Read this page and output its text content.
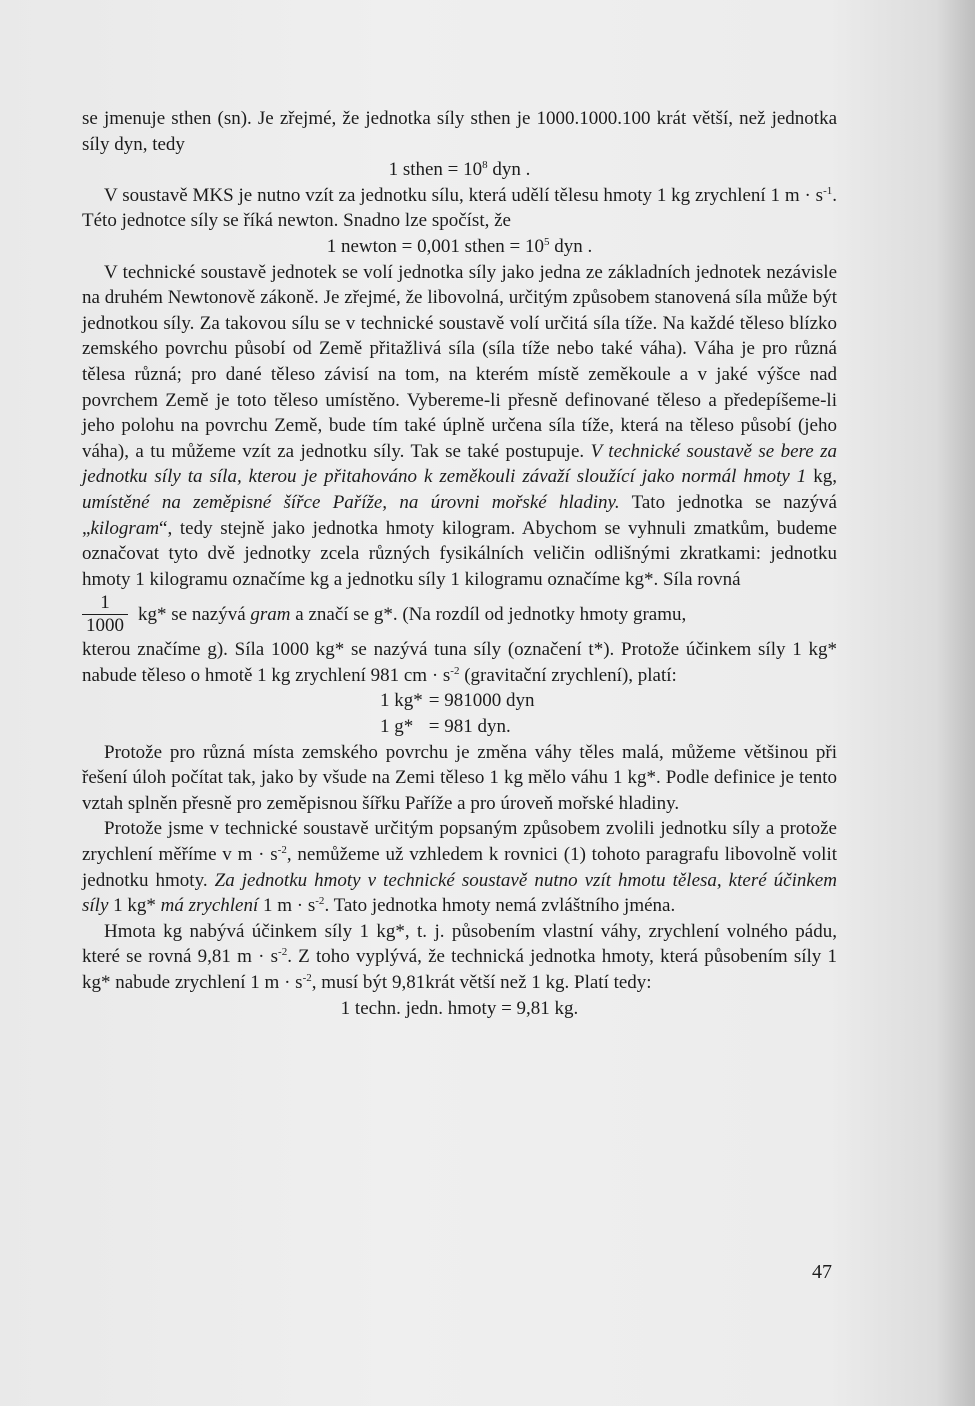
se jmenuje sthen (sn). Je zřejmé, že jednotka síly sthen je 1000.1000.100 krát větší, než jednotka síly dyn, tedy

1 sthen = $10^8$ dyn .

V soustavě MKS je nutno vzít za jednotku sílu, která udělí tělesu hmoty 1 kg zrychlení 1 $m \cdot s^{-1}$. Této jednotce síly se říká newton. Snadno lze spočíst, že

1 newton = 0,001 sthen = $10^5$ dyn .

V technické soustavě jednotek se volí jednotka síly jako jedna ze základních jednotek nezávisle na druhém Newtonově zákoně. Je zřejmé, že libovolná, určitým způsobem stanovená síla může být jednotkou síly. Za takovou sílu se v technické soustavě volí určitá síla tíže. Na každé těleso blízko zemského povrchu působí od Země přitažlivá síla (síla tíže nebo také váha). Váha je pro různá tělesa různá; pro dané těleso závisí na tom, na kterém místě zeměkoule a v jaké výšce nad povrchem Země je toto těleso umístěno. Vybereme-li přesně definované těleso a předepíšeme-li jeho polohu na povrchu Země, bude tím také úplně určena síla tíže, která na těleso působí (jeho váha), a tu můžeme vzít za jednotku síly. Tak se také postupuje. V technické soustavě se bere za jednotku síly ta síla, kterou je přitahováno k zeměkouli závaží sloužící jako normál hmoty 1 kg, umístěné na zeměpisné šířce Paříže, na úrovni mořské hladiny. Tato jednotka se nazývá „kilogram“, tedy stejně jako jednotka hmoty kilogram. Abychom se vyhnuli zmatkům, budeme označovat tyto dvě jednotky zcela různých fysikálních veličin odlišnými zkratkami: jednotku hmoty 1 kilogramu označíme kg a jednotku síly 1 kilogramu označíme kg*. Síla rovná

$\frac{1}{1000} kg*$ se nazývá gram a značí se g*. (Na rozdíl od jednotky hmoty gramu,

kterou značíme g). Síla 1000 kg* se nazývá tuna síly (označení t*). Protože účinkem síly 1 kg* nabude těleso o hmotě 1 kg zrychlení 981 cm · $s^{-2}$ (gravitační zrychlení), platí:

1 kg* = 981000 dyn
1 g* = 981 dyn.

Protože pro různá místa zemského povrchu je změna váhy těles malá, můžeme většinou při řešení úloh počítat tak, jako by všude na Zemi těleso 1 kg mělo váhu 1 kg*. Podle definice je tento vztah splněn přesně pro zeměpisnou šířku Paříže a pro úroveň mořské hladiny.

Protože jsme v technické soustavě určitým popsaným způsobem zvolili jednotku síly a protože zrychlení měříme v $m \cdot s^{-2}$, nemůžeme už vzhledem k rovnici (1) tohoto paragrafu libovolně volit jednotku hmoty. Za jednotku hmoty v technické soustavě nutno vzít hmotu tělesa, které účinkem síly 1 kg* má zrychlení 1 $m \cdot s^{-2}$. Tato jednotka hmoty nemá zvláštního jména.

Hmota kg nabývá účinkem síly 1 kg*, t. j. působením vlastní váhy, zrychlení volného pádu, které se rovná 9,81 $m \cdot s^{-2}$. Z toho vyplývá, že technická jednotka hmoty, která působením síly 1 kg* nabude zrychlení 1 $m \cdot s^{-2}$, musí být 9,81krát větší než 1 kg. Platí tedy:

1 techn. jedn. hmoty = 9,81 kg.

47
